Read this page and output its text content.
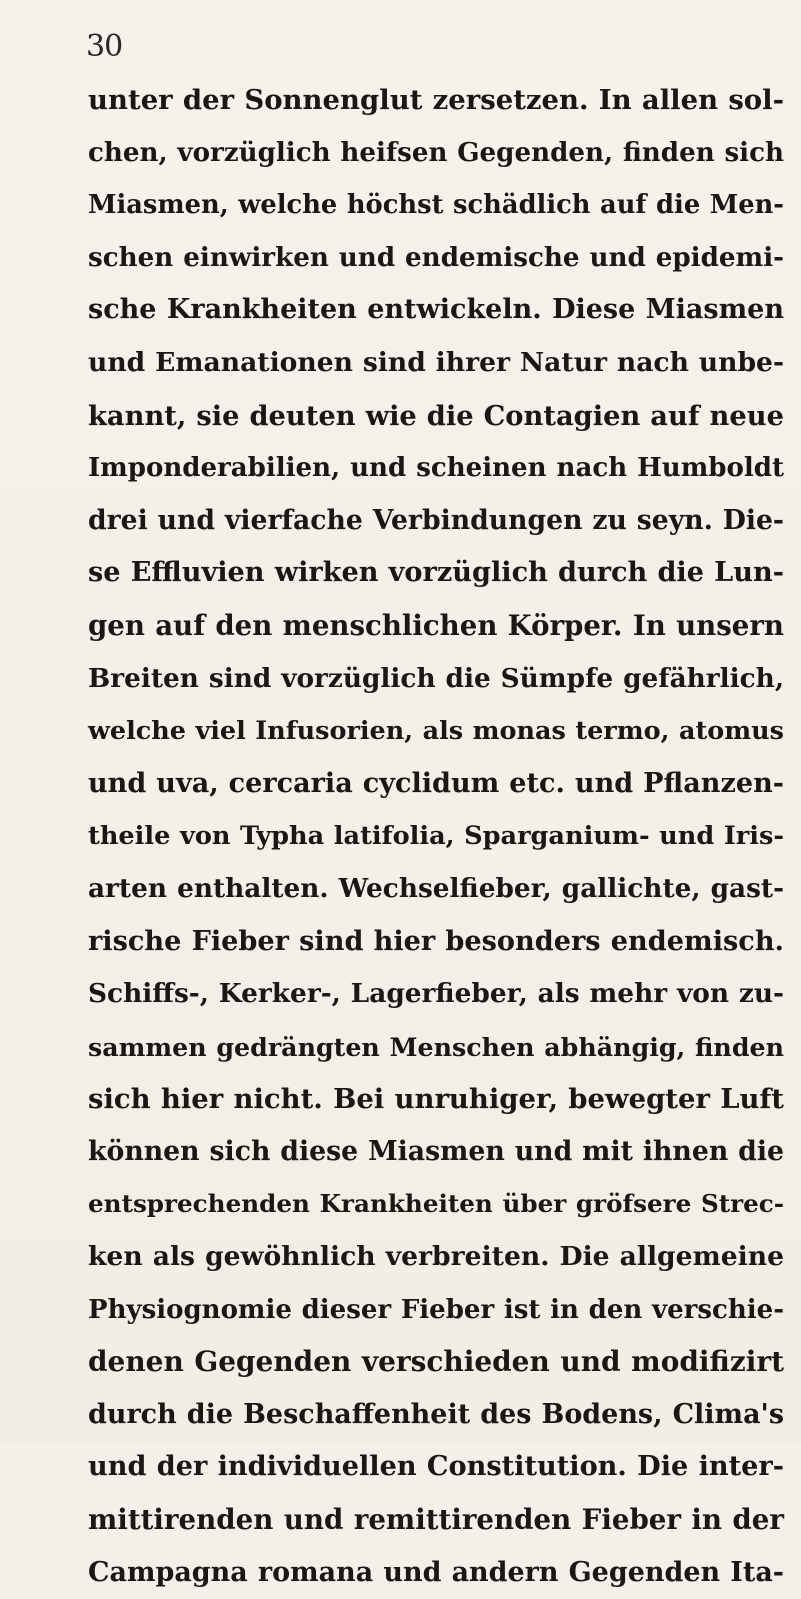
30
unter der Sonnenglut zersetzen. In allen sol-
chen, vorzüglich heifsen Gegenden, finden sich
Miasmen, welche höchst schädlich auf die Men-
schen einwirken und endemische und epidemi-
sche Krankheiten entwickeln. Diese Miasmen
und Emanationen sind ihrer Natur nach unbe-
kannt, sie deuten wie die Contagien auf neue
Imponderabilien, und scheinen nach Humboldt
drei und vierfache Verbindungen zu seyn. Die-
se Effluvien wirken vorzüglich durch die Lun-
gen auf den menschlichen Körper. In unsern
Breiten sind vorzüglich die Sümpfe gefährlich,
welche viel Infusorien, als monas termo, atomus
und uva, cercaria cyclidum etc. und Pflanzen-
theile von Typha latifolia, Sparganium- und Iris-
arten enthalten. Wechselfieber, gallichte, gast-
rische Fieber sind hier besonders endemisch.
Schiffs-, Kerker-, Lagerfieber, als mehr von zu-
sammen gedrängten Menschen abhängig, finden
sich hier nicht. Bei unruhiger, bewegter Luft
können sich diese Miasmen und mit ihnen die
entsprechenden Krankheiten über gröfsere Strec-
ken als gewöhnlich verbreiten. Die allgemeine
Physiognomie dieser Fieber ist in den verschie-
denen Gegenden verschieden und modifizirt
durch die Beschaffenheit des Bodens, Clima's
und der individuellen Constitution. Die inter-
mittirenden und remittirenden Fieber in der
Campagna romana und andern Gegenden Ita-
